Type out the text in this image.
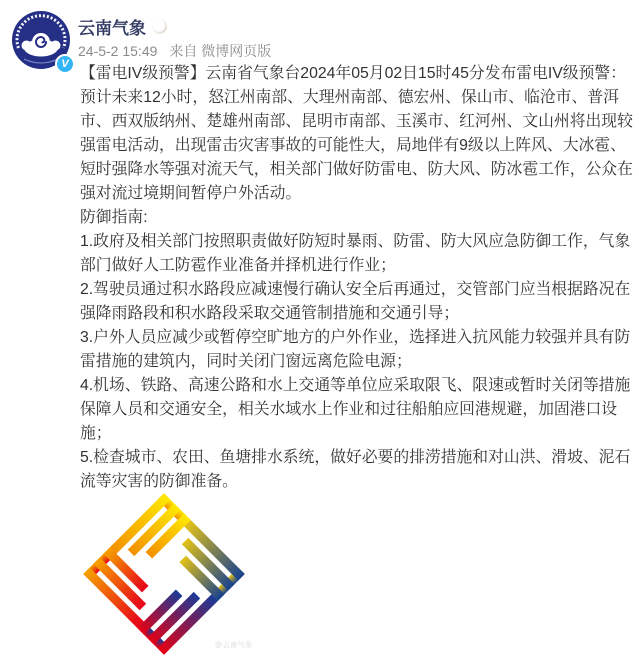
V
云南气象
24-5-2 15:49 来自 微博网页版

【雷电IV级预警】云南省气象台2024年05月02日15时45分发布雷电IV级预警：预计未来12小时，怒江州南部、大理州南部、德宏州、保山市、临沧市、普洱市、西双版纳州、楚雄州南部、昆明市南部、玉溪市、红河州、文山州将出现较强雷电活动，出现雷击灾害事故的可能性大，局地伴有9级以上阵风、大冰雹、短时强降水等强对流天气，相关部门做好防雷电、防大风、防冰雹工作，公众在强对流过境期间暂停户外活动。

防御指南:

1.政府及相关部门按照职责做好防短时暴雨、防雷、防大风应急防御工作，气象部门做好人工防雹作业准备并择机进行作业；

2.驾驶员通过积水路段应减速慢行确认安全后再通过，交管部门应当根据路况在强降雨路段和积水路段采取交通管制措施和交通引导；

3.户外人员应减少或暂停空旷地方的户外作业，选择进入抗风能力较强并具有防雷措施的建筑内，同时关闭门窗远离危险电源；

4.机场、铁路、高速公路和水上交通等单位应采取限飞、限速或暂时关闭等措施保障人员和交通安全，相关水域水上作业和过往船舶应回港规避，加固港口设施；

5.检查城市、农田、鱼塘排水系统，做好必要的排涝措施和对山洪、滑坡、泥石流等灾害的防御准备。

@云南气象
